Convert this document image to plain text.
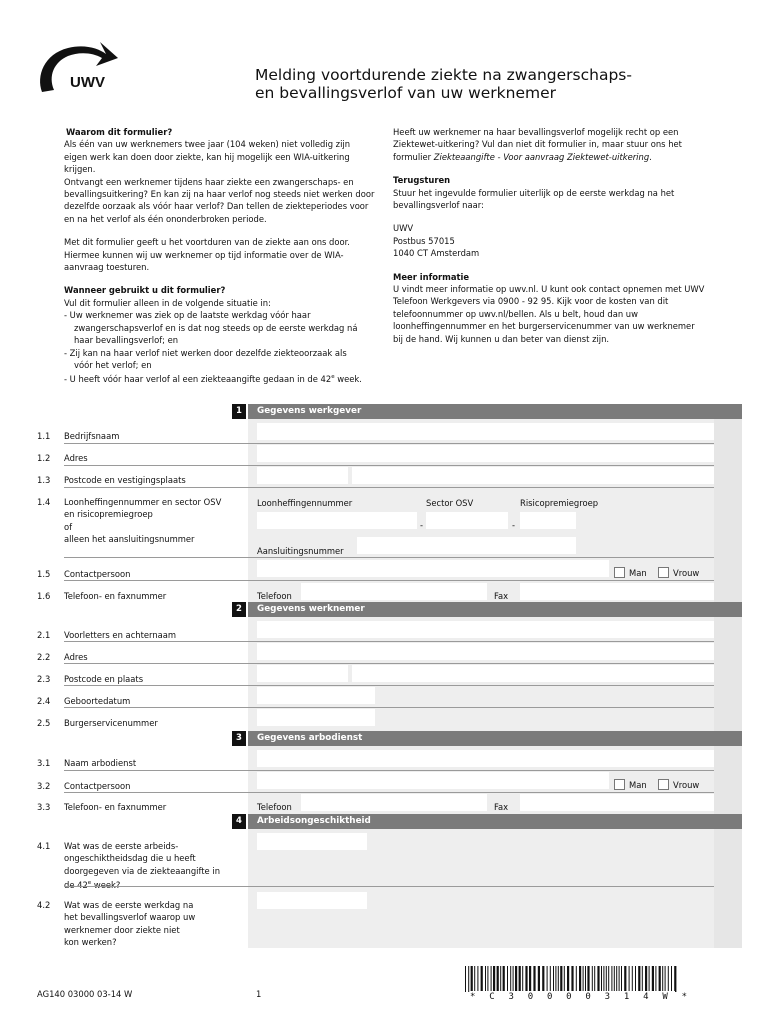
UWV	Melding voortdurende ziekte na zwangerschaps-
en bevallingsverlof van uw werknemer

Waarom dit formulier?

Als één van uw werknemers twee jaar (104 weken) niet volledig zijn eigen werk kan doen door ziekte, kan hij mogelijk een WIA-uitkering krijgen.

Ontvangt een werknemer tijdens haar ziekte een zwangerschaps- en bevallingsuitkering? En kan zij na haar verlof nog steeds niet werken door dezelfde oorzaak als vóór haar verlof? Dan tellen de ziekteperiodes voor en na het verlof als één ononderbroken periode.

Met dit formulier geeft u het voortduren van de ziekte aan ons door. Hiermee kunnen wij uw werknemer op tijd informatie over de WIA-aanvraag toesturen.

Wanneer gebruikt u dit formulier?

Vul dit formulier alleen in de volgende situatie in:

- Uw werknemer was ziek op de laatste werkdag vóór haar zwangerschapsverlof en is dat nog steeds op de eerste werkdag ná haar bevallingsverlof; en
- Zij kan na haar verlof niet werken door dezelfde ziekteoorzaak als vóór het verlof; en
- U heeft vóór haar verlof al een ziekteaangifte gedaan in de 42e week.

Heeft uw werknemer na haar bevallingsverlof mogelijk recht op een Ziektewet-uitkering? Vul dan niet dit formulier in, maar stuur ons het formulier Ziekteaangifte - Voor aanvraag Ziektewet-uitkering.

Terugsturen

Stuur het ingevulde formulier uiterlijk op de eerste werkdag na het bevallingsverlof naar:

UWV

Postbus 57015

1040 CT Amsterdam

Meer informatie

U vindt meer informatie op uwv.nl. U kunt ook contact opnemen met UWV Telefoon Werkgevers via 0900 - 92 95. Kijk voor de kosten van dit telefoonnummer op uwv.nl/bellen. Als u belt, houd dan uw loonheffingennummer en het burgerservicenummer van uw werknemer bij de hand. Wij kunnen u dan beter van dienst zijn.

1	Gegevens werkgever
1.1 Bedrijfsnaam
1.2 Adres
1.3 Postcode en vestigingsplaats
1.4 Loonheffingennummer en sector OSV
en risicopremiegroep
of
alleen het aansluitingsnummer
Loonheffingennummer	Sector OSV	Risicopremiegroep
-	-
Aansluitingsnummer
1.5 Contactpersoon	Man	Vrouw
1.6 Telefoon- en faxnummer	Telefoon	Fax
2	Gegevens werknemer
2.1 Voorletters en achternaam
2.2 Adres
2.3 Postcode en plaats
2.4 Geboortedatum
2.5 Burgerservicenummer
3	Gegevens arbodienst
3.1 Naam arbodienst
3.2 Contactpersoon	Man	Vrouw
3.3 Telefoon- en faxnummer	Telefoon	Fax
4	Arbeidsongeschiktheid
4.1 Wat was de eerste arbeids-
ongeschiktheidsdag die u heeft
doorgegeven via de ziekteaangifte in
$^e$
4.2 Wat was de eerste werkdag na
het bevallingsverlof waarop uw
werknemer door ziekte niet
kon werken?
AG140 03000 03-14 W	1	* C 3 0 0 0 0 3 1 4 W *
